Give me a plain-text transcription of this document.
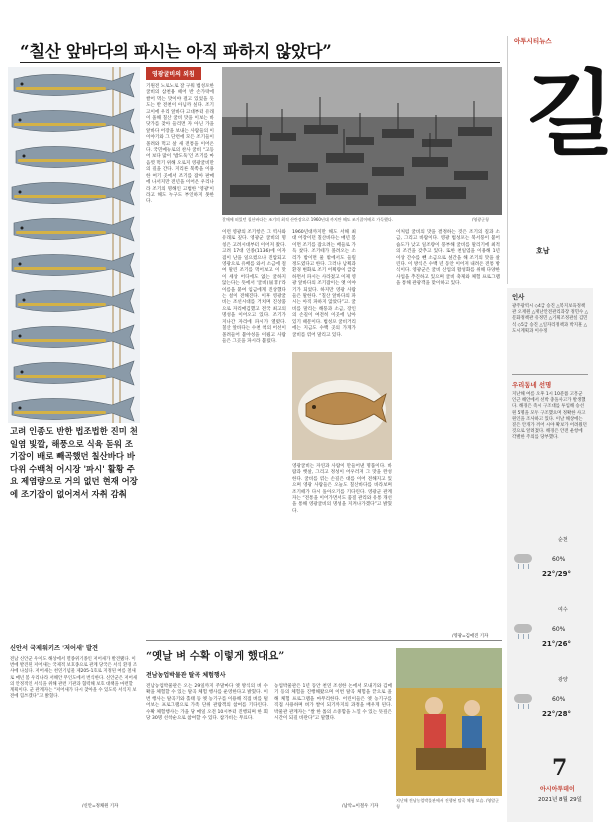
“칠산 앞바다의 파시는 아직 파하지 않았다”
아투시티뉴스
길
호남
고려 인종도 반한 법조법한 진미 천일염 빛깔, 해풍으로 식육 돋워 조기잡이 배로 빼곡했던 칠산바다 바다위 수백척 어시장 '파시' 활황 주요 제염량으로 거의 없던 현재 어장에 조기잡이 없어져서 자취 감춰
영광굴비의 외침
기원전 노로노로 잘 구워 법성포한 굴비의 삼천용 떼어 반 손가락에 쌀어 먹는 맛이야 걸고 있었을 듯도는 반 전천이 아님까 싶다. 조기고이에 우리 앞바다 고대부터 유래 이 올해 칠산 굴비 맛을 이보는 바닷가를 찾아 들리면 자 아닌 가을 앞바다 어장을 보내는 사람들의 이 이야기와 그 단련에 모든 조기들이 몰려와 먹고 살 새 전통을 이어온다. 국민메뉴로의 찬사 굴비 “고등어 보다 많이 ‘밥도둑’인 조기를 마음껏 먹기 위해 오로지 영광굴비만의 길을 간다. 지리른 북쪽을 이용한 여기 곳에서 조기를 잡아 판매에 나서지만 전년을 이어온 우리나라 조기의 명해인 고법한 '영광'이라고 해도 누구도 부인하지 못한다.
갈매에 떠있던 칠산바다는 조기의 최적 산란장으로 1960년대 까지만 해도 조기잡이배로 가득했다.	/영광군청
이런 영광의 조기항은 그 역사와 유래로 깊다. 영광군 굴비의 명칭은 고려시대부터 이어져 왔다. 고려 17대 인종(1136)에 이자겸이 난을 일으켰으나 진압되고 영광으로 유배를 와서 소금에 절여 말린 조기를 먹어보고 이 맛이 세상 어디에도 없는 굴하지 않는다는 뜻에서 '굴비(屈非)'라 이름을 붙여 임금에게 진상했다는 설이 전해진다. 이후 영광굴비는 조선시대를 거치며 진상품으로 자리매김했고 전국 최고의 명성을 이어오고 있다. 조기가 지나간 자리에 파시가 열렸다. 칠산 앞바다는 수천 척의 어선이 몰려들어 불야성을 이뤘고 사람들은 그곳을 파시라 불렀다.
1960년대까지만 해도 서해 최대 어장이던 칠산바다는 매년 봄이면 조기를 잡으려는 배들로 가득 찼다. 조기떼가 몰려오는 소리가 밤이면 물 밖에서도 들릴 정도였다고 한다. 그러나 남획과 환경 변화로 조기 어획량이 급감하면서 파시는 사라졌고 이제 영광 앞바다의 조기잡이는 옛 이야기가 되었다. 하지만 영광 사람들은 말한다. “칠산 앞바다의 파시는 아직 파하지 않았다”고. 굴비를 말리는 해풍과 소금, 장인의 손길이 여전히 이곳에 남아 있기 때문이다. 법성포 굴비거리에는 지금도 수백 곳의 가게가 굴비를 엮어 말리고 있다.
이처럼 굴비의 맛을 결정하는 것은 조기의 질과 소금, 그리고 바람이다. 영광 법성포는 북서풍이 불어 습도가 낮고 일조량이 풍부해 굴비를 말리기에 최적의 조건을 갖추고 있다. 또한 천일염을 이용해 1년 이상 간수를 뺀 소금으로 섶간을 해 조기의 맛을 살린다. 이 방식은 수백 년 동안 이어져 내려온 전통 방식이다. 영광군은 굴비 산업의 활성화를 위해 다양한 사업을 추진하고 있으며 굴비 축제와 체험 프로그램을 통해 관광객을 맞이하고 있다.
영광굴비는 자연과 사람이 만들어낸 명품이다. 바람과 햇살, 그리고 정성이 어우러져 그 맛을 완성한다. 굴비를 엮는 손길은 대를 이어 전해지고 있으며 영광 사람들은 오늘도 칠산바다를 바라보며 조기떼가 다시 돌아오기를 기다린다. 영광군 관계자는 “전통을 이어가면서도 품질 관리와 유통 개선을 통해 영광굴비의 명성을 지켜나가겠다”고 밝혔다.
/영광=김애진 기자
신안서 국제워키즈 '저어새' 발견
전남 신안군 우이도 해상에서 멸종위기종인 저어새가 발견됐다. 이번에 발견된 저어새는 국제적 보호종으로 관계 당국은 서식 환경 조사에 나섰다. 저어새는 천연기념물 제205-1호로 지정된 여름 철새로 매년 봄 우리나라 서해안 무인도에서 번식한다. 신안군은 저어새의 안정적인 서식을 위해 관련 기관과 협력해 보호 대책을 마련할 계획이다. 군 관계자는 “저어새가 다시 찾아올 수 있도록 서식지 보전에 힘쓰겠다”고 밝혔다.
/신안=정채원 기자
“옛날 벼 수확 이렇게 했대요”
전남농업박물관 탈곡 체험행사
전남농업박물관은 오는 29일까지 주말마다 옛 방식의 벼 수확을 체험할 수 있는 탈곡 체험 행사를 운영한다고 밝혔다. 이번 행사는 탈곡기와 홀태 등 옛 농기구를 이용해 직접 벼를 털어보는 프로그램으로 가족 단위 관람객의 참여를 기다린다. 수확 체험행사는 가을 당 매일 오전 10시부터 진행되며 한 회당 30명 선착순으로 참여할 수 있다. 참가비는 무료다.
농업박물관은 1년 동안 천연 조성한 논에서 모내기와 김매기 등의 체험을 진행해왔으며 이번 탈곡 체험을 끝으로 올해 체험 프로그램을 마무리한다. 어린이들은 옛 농기구를 직접 사용하며 벼가 쌀이 되기까지의 과정을 배우게 된다. 박물관 관계자는 “쌀 한 톨의 소중함을 느낄 수 있는 뜻깊은 시간이 되길 바란다”고 말했다.
/남악=이철우 기자
지난해 전남농업박물관에서 진행된 탈곡 체험 모습. /영암군청
인사
광주광역시 ◇4급 승진 △복지보육정책관 오재원 △재난안전관리과장 정민수 △문화정책관 유정민 △기획조정관실 김민석 ◇5급 승진 △일자리정책과 박지훈 △도시계획과 이수정
우리동네 선명
지난해 여름 오후 1시 10분쯤 고흥군 인근 해안에서 선박 충돌사고가 발생했다. 해경은 즉시 구조대를 투입해 승선원 5명을 모두 구조했으며 정확한 사고 원인을 조사하고 있다. 이날 해상에는 짙은 안개가 끼어 시야 확보가 어려웠던 것으로 알려졌다. 해경은 안전 운항에 각별한 주의를 당부했다.
순천
60%
22°/29°
여수
60%
21°/26°
광양
60%
22°/28°
7
아시아투데이
2021년 8월 29일
